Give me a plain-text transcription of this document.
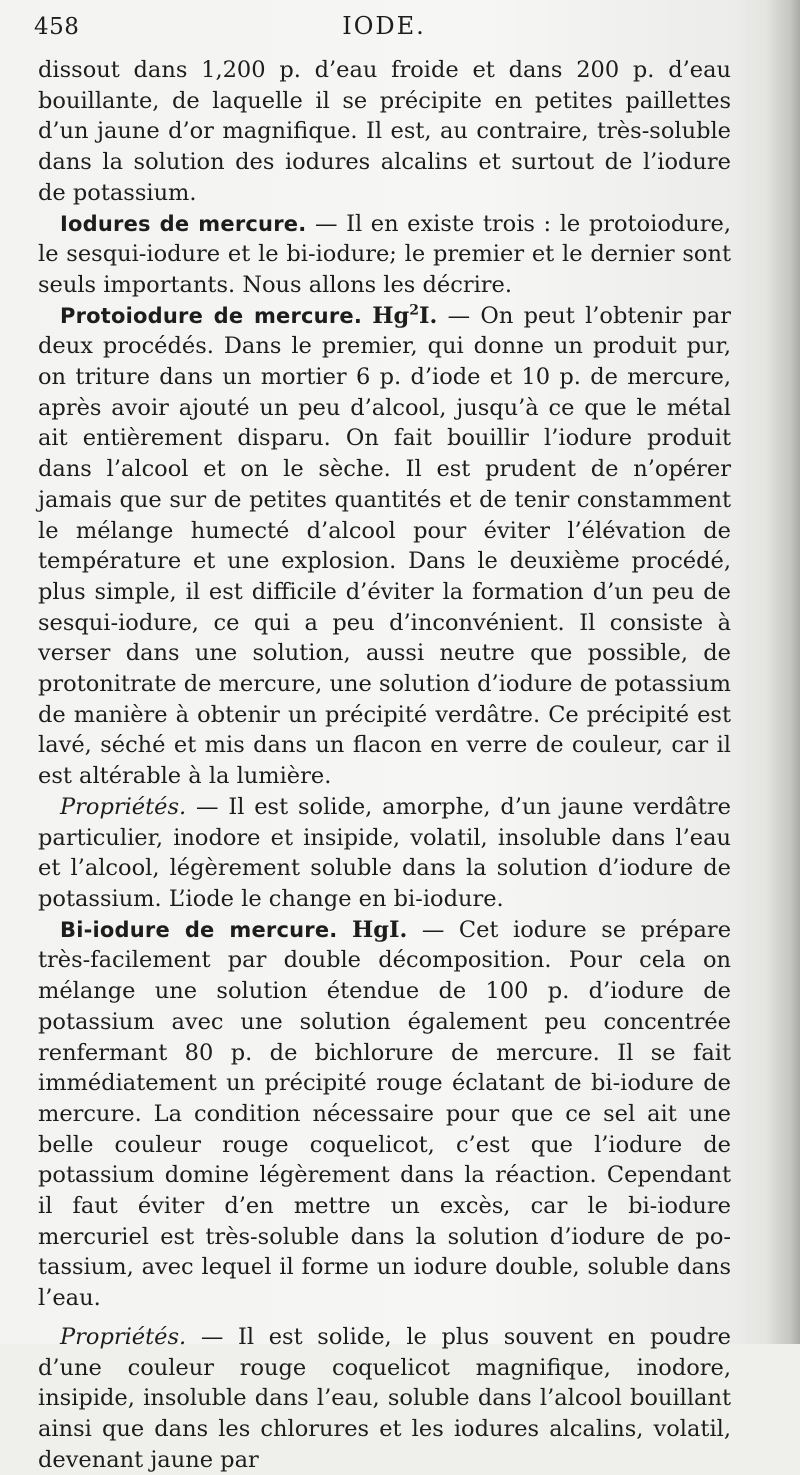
458	IODE.

dissout dans 1,200 p. d’eau froide et dans 200 p. d’eau bouillante, de laquelle il se précipite en petites paillettes d’un jaune d’or magnifique. Il est, au contraire, très-soluble dans la solution des iodures alcalins et surtout de l’iodure de potassium.

Iodures de mercure. — Il en existe trois : le protoiodure, le sesqui-iodure et le bi-iodure; le premier et le dernier sont seuls importants. Nous allons les décrire.

Protoiodure de mercure. Hg$^2$I. — On peut l’obtenir par deux procédés. Dans le premier, qui donne un produit pur, on triture dans un mortier 6 p. d’iode et 10 p. de mercure, après avoir ajouté un peu d’alcool, jusqu’à ce que le métal ait entièrement disparu. On fait bouillir l’iodure produit dans l’alcool et on le sèche. Il est prudent de n’opérer jamais que sur de petites quantités et de tenir constamment le mélange humecté d’alcool pour éviter l’élévation de température et une explosion. Dans le deuxième procédé, plus simple, il est difficile d’éviter la formation d’un peu de sesqui-iodure, ce qui a peu d’inconvénient. Il consiste à verser dans une solution, aussi neutre que possible, de protonitrate de mercure, une solution d’iodure de potassium de manière à obtenir un précipité verdâtre. Ce précipité est lavé, séché et mis dans un flacon en verre de couleur, car il est altérable à la lumière.

Propriétés. — Il est solide, amorphe, d’un jaune verdâtre particulier, inodore et insipide, volatil, insoluble dans l’eau et l’alcool, légèrement soluble dans la solution d’iodure de potassium. L’iode le change en bi-iodure.

Bi-iodure de mercure. HgI. — Cet iodure se prépare très-facilement par double décomposition. Pour cela on mélange une solution étendue de 100 p. d’iodure de potassium avec une solution également peu concentrée renfermant 80 p. de bichlorure de mercure. Il se fait immédiatement un précipité rouge éclatant de bi-iodure de mercure. La condition nécessaire pour que ce sel ait une belle couleur rouge coquelicot, c’est que l’iodure de potassium domine légèrement dans la réaction. Cependant il faut éviter d’en mettre un excès, car le bi-iodure mercuriel est très-soluble dans la solution d’iodure de potassium, avec lequel il forme un iodure double, soluble dans l’eau.

Propriétés. — Il est solide, le plus souvent en poudre d’une couleur rouge coquelicot magnifique, inodore, insipide, insoluble dans l’eau, soluble dans l’alcool bouillant ainsi que dans les chlorures et les iodures alcalins, volatil, devenant jaune par
